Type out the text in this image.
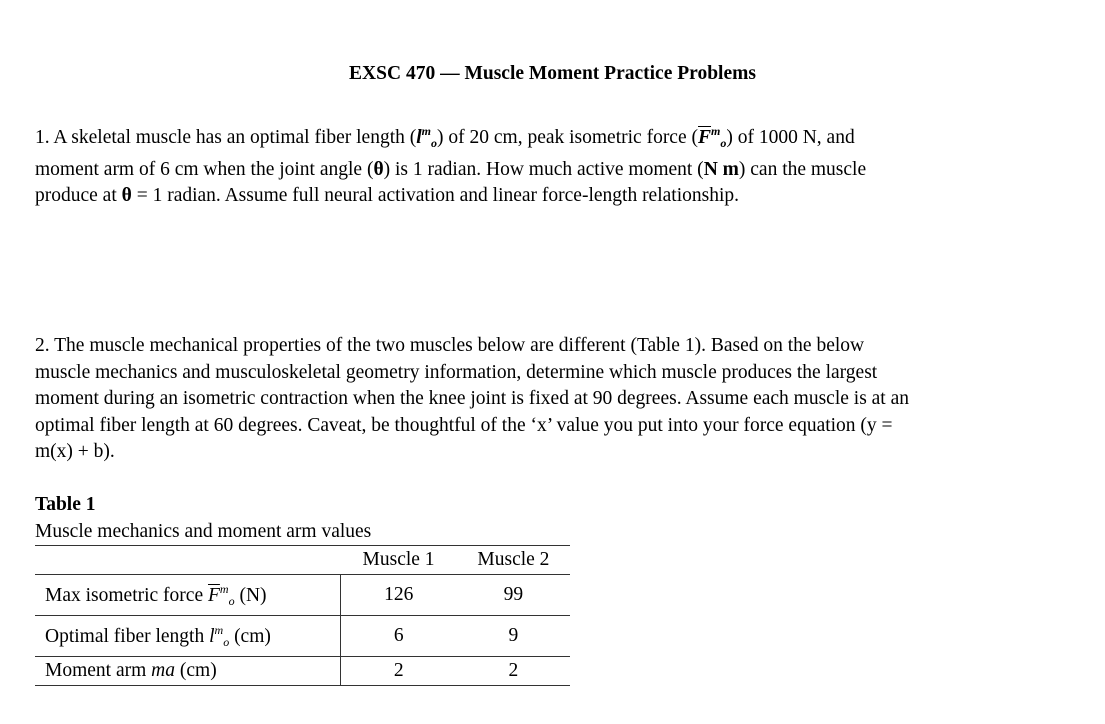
EXSC 470 — Muscle Moment Practice Problems
1. A skeletal muscle has an optimal fiber length $(l^m_o)$ of 20 cm, peak isometric force $(\overline{F}^m_o)$ of 1000 N, and
moment arm of 6 cm when the joint angle (θ) is 1 radian. How much active moment (N m) can the muscle
produce at θ = 1 radian. Assume full neural activation and linear force-length relationship.
2. The muscle mechanical properties of the two muscles below are different (Table 1). Based on the below
muscle mechanics and musculoskeletal geometry information, determine which muscle produces the largest
moment during an isometric contraction when the knee joint is fixed at 90 degrees. Assume each muscle is at an
optimal fiber length at 60 degrees. Caveat, be thoughtful of the ‘x’ value you put into your force equation (y =
m(x) + b).
Table 1
Muscle mechanics and moment arm values
	Muscle 1	Muscle 2
Max isometric force $\overline{F}^m_o$ (N)	126	99
Optimal fiber length $l^m_o$ (cm)	6	9
Moment arm ma (cm)	2	2
